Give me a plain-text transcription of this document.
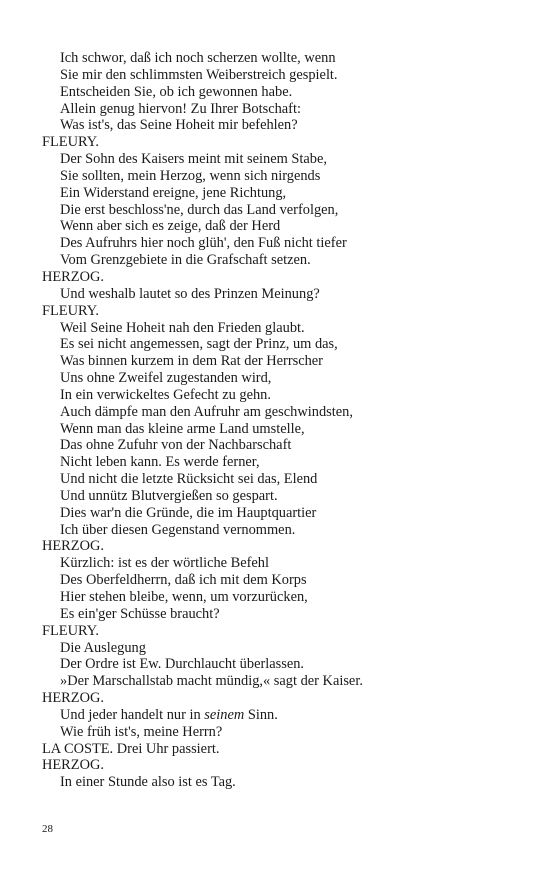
Ich schwor, daß ich noch scherzen wollte, wenn
Sie mir den schlimmsten Weiberstreich gespielt.
Entscheiden Sie, ob ich gewonnen habe.
Allein genug hiervon! Zu Ihrer Botschaft:
Was ist's, das Seine Hoheit mir befehlen?
FLEURY.
Der Sohn des Kaisers meint mit seinem Stabe,
Sie sollten, mein Herzog, wenn sich nirgends
Ein Widerstand ereigne, jene Richtung,
Die erst beschloss'ne, durch das Land verfolgen,
Wenn aber sich es zeige, daß der Herd
Des Aufruhrs hier noch glüh', den Fuß nicht tiefer
Vom Grenzgebiete in die Grafschaft setzen.
HERZOG.
Und weshalb lautet so des Prinzen Meinung?
FLEURY.
Weil Seine Hoheit nah den Frieden glaubt.
Es sei nicht angemessen, sagt der Prinz, um das,
Was binnen kurzem in dem Rat der Herrscher
Uns ohne Zweifel zugestanden wird,
In ein verwickeltes Gefecht zu gehn.
Auch dämpfe man den Aufruhr am geschwindsten,
Wenn man das kleine arme Land umstelle,
Das ohne Zufuhr von der Nachbarschaft
Nicht leben kann. Es werde ferner,
Und nicht die letzte Rücksicht sei das, Elend
Und unnütz Blutvergießen so gespart.
Dies war'n die Gründe, die im Hauptquartier
Ich über diesen Gegenstand vernommen.
HERZOG.
Kürzlich: ist es der wörtliche Befehl
Des Oberfeldherrn, daß ich mit dem Korps
Hier stehen bleibe, wenn, um vorzurücken,
Es ein'ger Schüsse braucht?
FLEURY.
Die Auslegung
Der Ordre ist Ew. Durchlaucht überlassen.
»Der Marschallstab macht mündig,« sagt der Kaiser.
HERZOG.
Und jeder handelt nur in seinem Sinn.
Wie früh ist's, meine Herrn?
LA COSTE. Drei Uhr passiert.
HERZOG.
In einer Stunde also ist es Tag.
28
